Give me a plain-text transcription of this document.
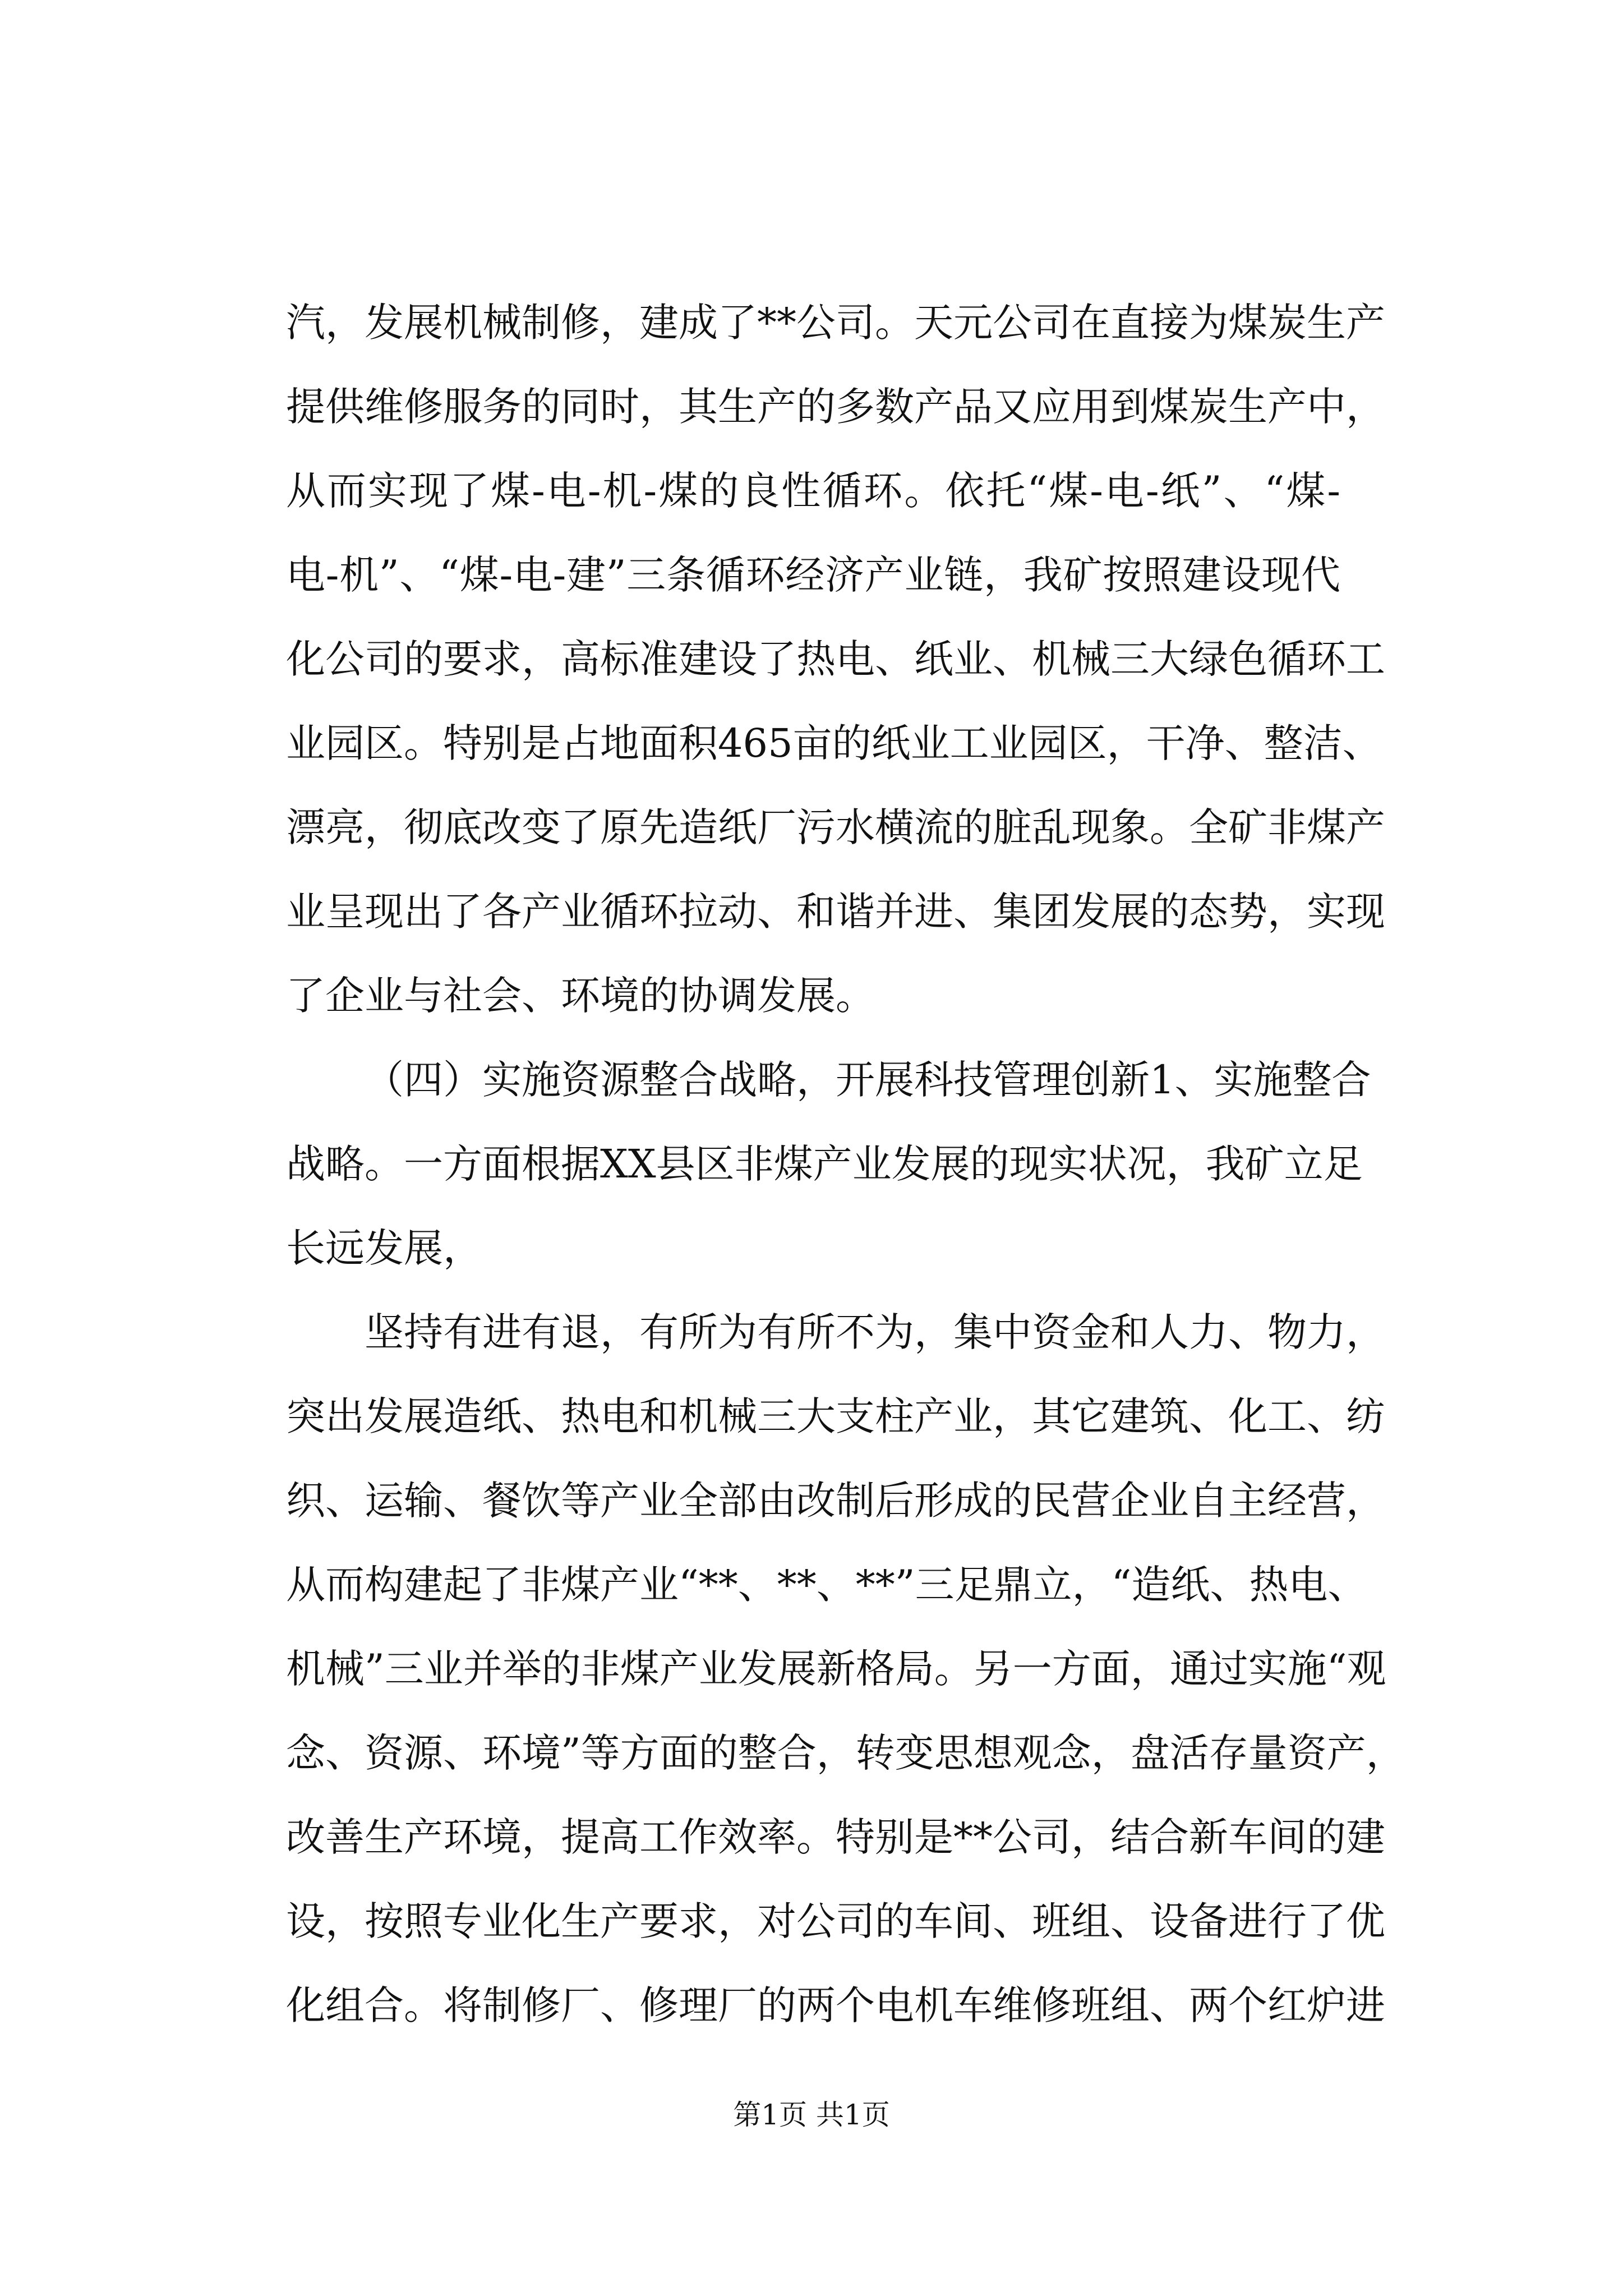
汽，发展机械制修，建成了**公司。天元公司在直接为煤炭生产
提供维修服务的同时，其生产的多数产品又应用到煤炭生产中，
从而实现了煤-电-机-煤的良性循环。依托“煤-电-纸”、“煤-
电-机”、“煤-电-建”三条循环经济产业链，我矿按照建设现代
化公司的要求，高标准建设了热电、纸业、机械三大绿色循环工
业园区。特别是占地面积465亩的纸业工业园区，干净、整洁、
漂亮，彻底改变了原先造纸厂污水横流的脏乱现象。全矿非煤产
业呈现出了各产业循环拉动、和谐并进、集团发展的态势，实现
了企业与社会、环境的协调发展。
（四）实施资源整合战略，开展科技管理创新1、实施整合
战略。一方面根据XX县区非煤产业发展的现实状况，我矿立足
长远发展，
坚持有进有退，有所为有所不为，集中资金和人力、物力，
突出发展造纸、热电和机械三大支柱产业，其它建筑、化工、纺
织、运输、餐饮等产业全部由改制后形成的民营企业自主经营，
从而构建起了非煤产业“**、**、**”三足鼎立，“造纸、热电、
机械”三业并举的非煤产业发展新格局。另一方面，通过实施“观
念、资源、环境”等方面的整合，转变思想观念，盘活存量资产，
改善生产环境，提高工作效率。特别是**公司，结合新车间的建
设，按照专业化生产要求，对公司的车间、班组、设备进行了优
化组合。将制修厂、修理厂的两个电机车维修班组、两个红炉进
第1页 共1页
